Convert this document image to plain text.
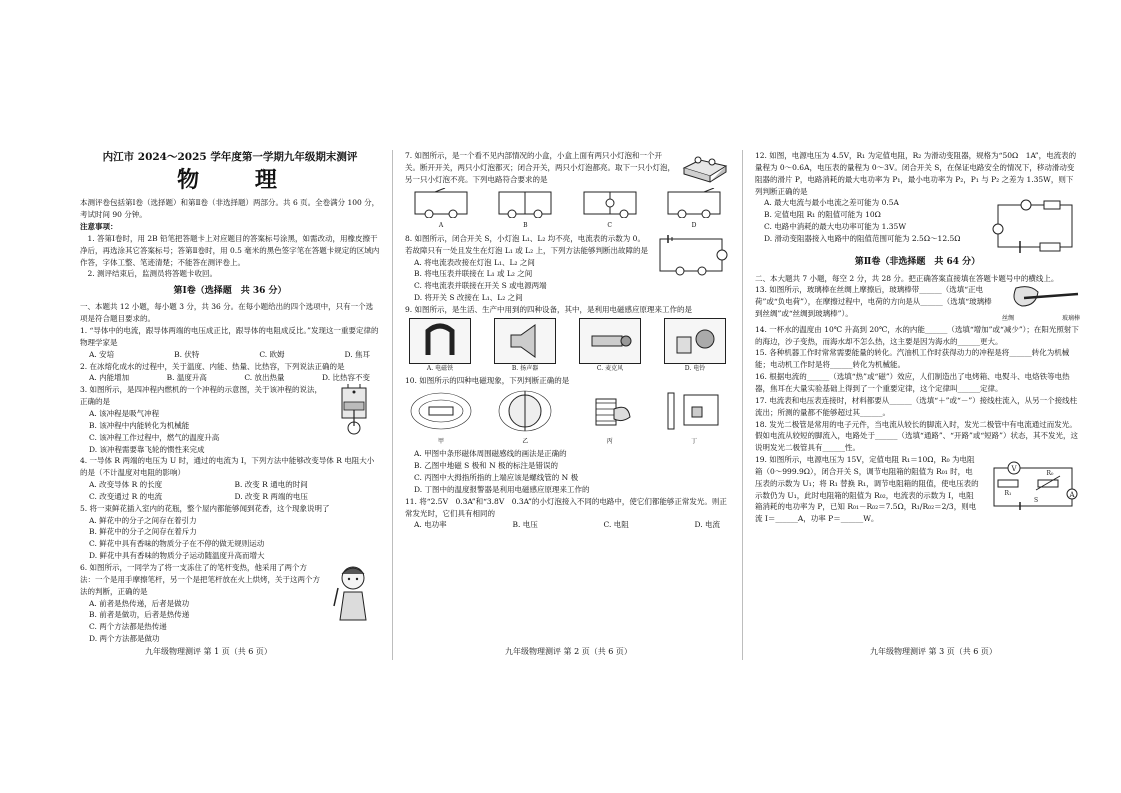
内江市 2024～2025 学年度第一学期九年级期末测评
物 理
本测评卷包括第Ⅰ卷（选择题）和第Ⅱ卷（非选择题）两部分。共 6 页。全卷满分 100 分，考试时间 90 分钟。
注意事项：
1. 答第Ⅰ卷时，用 2B 铅笔把答题卡上对应题目的答案标号涂黑，如需改动，用橡皮擦干净后，再选涂其它答案标号；答第Ⅱ卷时，用 0.5 毫米的黑色签字笔在答题卡规定的区域内作答，字体工整、笔迹清楚；不能答在测评卷上。
2. 测评结束后，监测员将答题卡收回。
第Ⅰ卷（选择题　共 36 分）
一、本题共 12 小题，每小题 3 分，共 36 分。在每小题给出的四个选项中，只有一个选项是符合题目要求的。
1. “导体中的电流，跟导体两端的电压成正比，跟导体的电阻成反比。”发现这一重要定律的物理学家是
A. 安培	B. 伏特	C. 欧姆	D. 焦耳
2. 在冰熔化成水的过程中，关于温度、内能、热量、比热容，下列说法正确的是
A. 内能增加	B. 温度升高	C. 放出热量	D. 比热容不变
3. 如图所示，是四冲程内燃机的一个冲程的示意图，关于该冲程的说法，正确的是
A. 该冲程是吸气冲程
B. 该冲程中内能转化为机械能
C. 该冲程工作过程中，燃气的温度升高
D. 该冲程需要靠飞轮的惯性来完成
4. 一导体 R 两端的电压为 U 时，通过的电流为 I，下列方法中能够改变导体 R 电阻大小的是（不计温度对电阻的影响）
A. 改变导体 R 的长度	B. 改变 R 通电的时间
C. 改变通过 R 的电流	D. 改变 R 两端的电压
5. 将一束鲜花插入室内的花瓶，整个屋内都能够闻到花香，这个现象说明了
A. 鲜花中的分子之间存在着引力
B. 鲜花中的分子之间存在着斥力
C. 鲜花中具有香味的物质分子在不停的做无规则运动
D. 鲜花中具有香味的物质分子运动随温度升高而增大
6. 如图所示，一同学为了将一支冻住了的笔杆变热，他采用了两个方法：一个是用手摩擦笔杆，另一个是把笔杆放在火上烘烤，关于这两个方法的判断，正确的是
A. 前者是热传递，后者是做功
B. 前者是做功，后者是热传递
C. 两个方法都是热传递
D. 两个方法都是做功
九年级物理测评 第 1 页（共 6 页）
7. 如图所示，是一个看不见内部情况的小盒，小盒上面有两只小灯泡和一个开关。断开开关，两只小灯泡都灭；闭合开关，两只小灯泡都亮。取下一只小灯泡，另一只小灯泡不亮。下列电路符合要求的是
A	B	C	D
8. 如图所示，闭合开关 S，小灯泡 L₁、L₂ 均不亮，电流表的示数为 0。若故障只有一处且发生在灯泡 L₁ 或 L₂ 上，下列方法能够判断出故障的是
A. 将电流表改接在灯泡 L₁、L₂ 之间
B. 将电压表并联接在 L₁ 或 L₂ 之间
C. 将电流表并联接在开关 S 或电源两端
D. 将开关 S 改接在 L₁、L₂ 之间
9. 如图所示，是生活、生产中用到的四种设备，其中，是利用电磁感应原理来工作的是
A. 电磁铁	B. 扬声器	C. 麦克风	D. 电铃
10. 如图所示的四种电磁现象，下列判断正确的是
甲	乙	丙	丁
A. 甲图中条形磁体周围磁感线的画法是正确的
B. 乙图中地磁 S 极和 N 极的标注是错误的
C. 丙图中大拇指所指的上端应该是螺线管的 N 极
D. 丁图中的温度报警器是利用电磁感应原理来工作的
11. 将“2.5V　0.3A”和“3.8V　0.3A”的小灯泡接入不同的电路中，使它们都能够正常发光。则正常发光时，它们具有相同的
A. 电功率	B. 电压	C. 电阻	D. 电流
九年级物理测评 第 2 页（共 6 页）
12. 如图，电源电压为 4.5V，R₁ 为定值电阻，R₂ 为滑动变阻器，规格为“50Ω　1A”，电流表的量程为 0～0.6A，电压表的量程为 0～3V。闭合开关 S，在保证电路安全的情况下，移动滑动变阻器的滑片 P，电路消耗的最大电功率为 P₁，最小电功率为 P₂，P₁ 与 P₂ 之差为 1.35W，则下列判断正确的是
A. 最大电流与最小电流之差可能为 0.5A
B. 定值电阻 R₁ 的阻值可能为 10Ω
C. 电路中消耗的最大电功率可能为 1.35W
D. 滑动变阻器接入电路中的阻值范围可能为 2.5Ω～12.5Ω
第Ⅱ卷（非选择题　共 64 分）
二、本大题共 7 小题，每空 2 分，共 28 分。把正确答案直接填在答题卡题号中的横线上。
丝绸	玻璃棒
13. 如图所示，玻璃棒在丝绸上摩擦后，玻璃棒带______（选填“正电荷”或“负电荷”），在摩擦过程中，电荷的方向是从______（选填“玻璃棒到丝绸”或“丝绸到玻璃棒”）。
14. 一杯水的温度由 10℃ 升高到 20℃，水的内能______（选填“增加”或“减少”）；在阳光照射下的海边，沙子变热，而海水却不怎么热，这主要是因为海水的______更大。
15. 各种机器工作时常常需要能量的转化。汽油机工作时获得动力的冲程是将______转化为机械能；电动机工作时是将______转化为机械能。
16. 根据电流的______（选填“热”或“磁”）效应，人们制造出了电烤箱、电熨斗、电烙铁等电热器，焦耳在大量实验基础上得到了一个重要定律，这个定律叫______定律。
17. 电流表和电压表连接时，材料都要从______（选填“＋”或“－”）接线柱流入，从另一个接线柱流出；所测的量都不能够超过其______。
18. 发光二极管是常用的电子元件，当电流从较长的脚流入时，发光二极管中有电流通过而发光。假如电流从较短的脚流入，电路处于______（选填“通路”、“开路”或“短路”）状态，其不发光，这说明发光二极管具有______性。
V
R₁
R₀
S
A
19. 如图所示，电源电压为 15V，定值电阻 R₁＝10Ω，R₀ 为电阻箱（0～999.9Ω），闭合开关 S，调节电阻箱的阻值为 R₀₁ 时，电压表的示数为 U₁；将 R₁ 替换 R₁，调节电阻箱的阻值，使电压表的示数仍为 U₁，此时电阻箱的阻值为 R₀₂，电流表的示数为 I，电阻箱消耗的电功率为 P，已知 R₀₁－R₀₂＝7.5Ω，R₁/R₀₂＝2/3，则电流 I＝______A，功率 P＝______W。
九年级物理测评 第 3 页（共 6 页）
